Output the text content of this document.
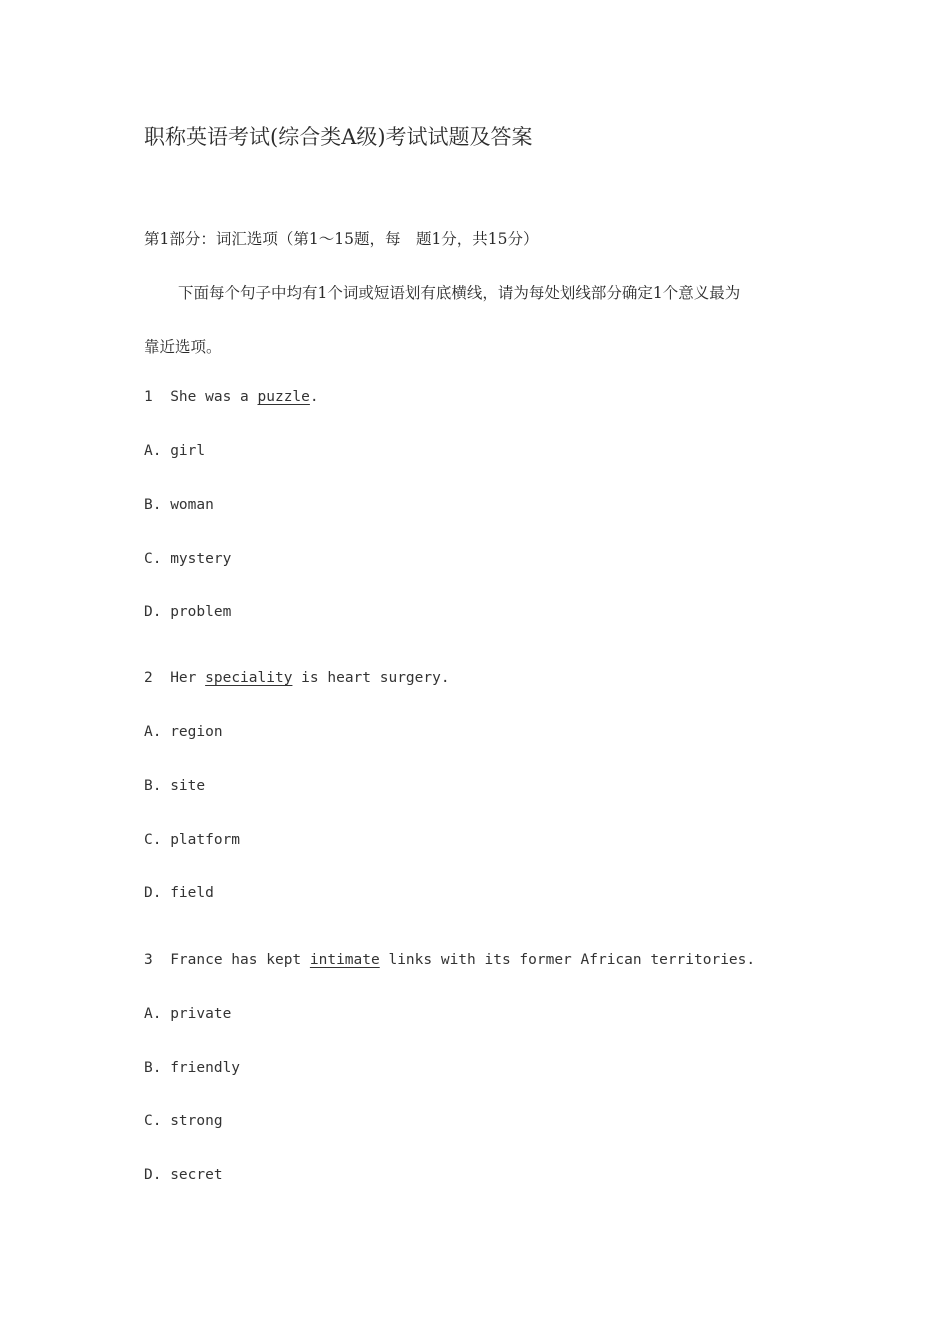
职称英语考试(综合类A级)考试试题及答案
第1部分：词汇选项（第1～15题，每　题1分，共15分）
下面每个句子中均有1个词或短语划有底横线，请为每处划线部分确定1个意义最为
靠近选项。
1 She was a puzzle.
A. girl
B. woman
C. mystery
D. problem
2 Her speciality is heart surgery.
A. region
B. site
C. platform
D. field
3 France has kept intimate links with its former African territories.
A. private
B. friendly
C. strong
D. secret
